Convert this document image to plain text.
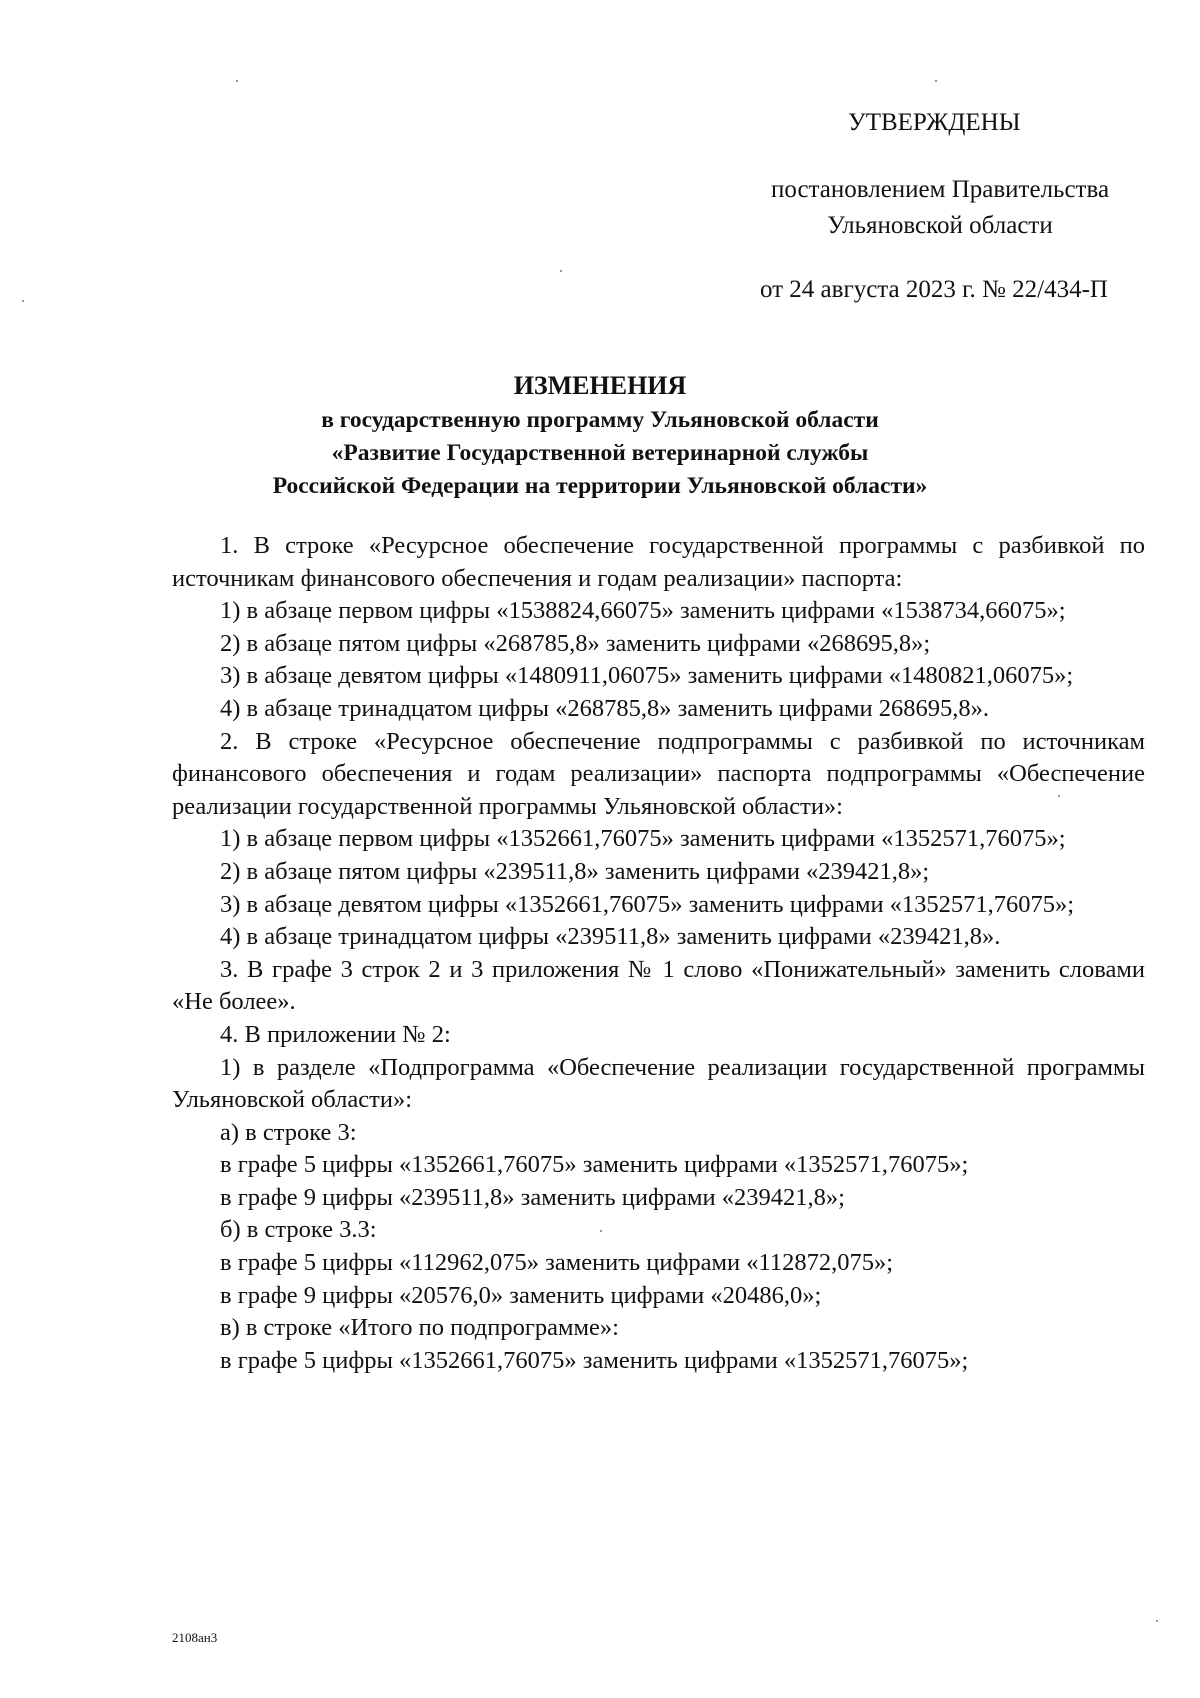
УТВЕРЖДЕНЫ
постановлением Правительства
Ульяновской области
от 24 августа 2023 г. № 22/434-П
ИЗМЕНЕНИЯ
в государственную программу Ульяновской области
«Развитие Государственной ветеринарной службы
Российской Федерации на территории Ульяновской области»

1. В строке «Ресурсное обеспечение государственной программы с разбивкой по источникам финансового обеспечения и годам реализации» паспорта:

1) в абзаце первом цифры «1538824,66075» заменить цифрами «1538734,66075»;

2) в абзаце пятом цифры «268785,8» заменить цифрами «268695,8»;

3) в абзаце девятом цифры «1480911,06075» заменить цифрами «1480821,06075»;

4) в абзаце тринадцатом цифры «268785,8» заменить цифрами 268695,8».

2. В строке «Ресурсное обеспечение подпрограммы с разбивкой по источникам финансового обеспечения и годам реализации» паспорта подпрограммы «Обеспечение реализации государственной программы Ульяновской области»:

1) в абзаце первом цифры «1352661,76075» заменить цифрами «1352571,76075»;

2) в абзаце пятом цифры «239511,8» заменить цифрами «239421,8»;

3) в абзаце девятом цифры «1352661,76075» заменить цифрами «1352571,76075»;

4) в абзаце тринадцатом цифры «239511,8» заменить цифрами «239421,8».

3. В графе 3 строк 2 и 3 приложения № 1 слово «Понижательный» заменить словами «Не более».

4. В приложении № 2:

1) в разделе «Подпрограмма «Обеспечение реализации государственной программы Ульяновской области»:

а) в строке 3:

в графе 5 цифры «1352661,76075» заменить цифрами «1352571,76075»;

в графе 9 цифры «239511,8» заменить цифрами «239421,8»;

б) в строке 3.3:

в графе 5 цифры «112962,075» заменить цифрами «112872,075»;

в графе 9 цифры «20576,0» заменить цифрами «20486,0»;

в) в строке «Итого по подпрограмме»:

в графе 5 цифры «1352661,76075» заменить цифрами «1352571,76075»;

2108ан3
